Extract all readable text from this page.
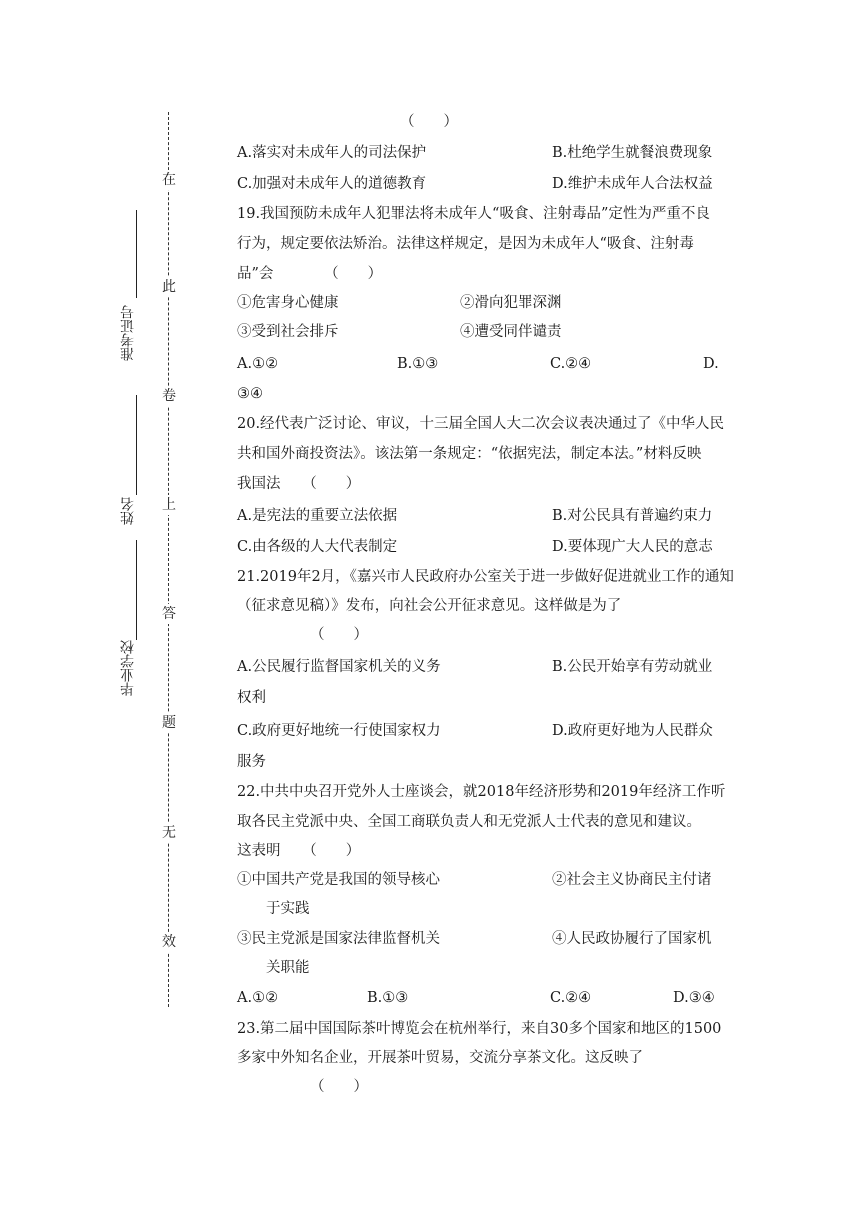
在
此
卷
上
答
题
无
效
准考证号
姓名
毕业学校
（　　）
A.落实对未成年人的司法保护	B.杜绝学生就餐浪费现象
C.加强对未成年人的道德教育	D.维护未成年人合法权益
19.我国预防未成年人犯罪法将未成年人“吸食、注射毒品”定性为严重不良
行为，规定要依法矫治。法律这样规定，是因为未成年人“吸食、注射毒
品”会　　　　（　　）
①危害身心健康	②滑向犯罪深渊
③受到社会排斥	④遭受同伴谴责
A.①②	B.①③	C.②④	D.
③④
20.经代表广泛讨论、审议，十三届全国人大二次会议表决通过了《中华人民
共和国外商投资法》。该法第一条规定：“依据宪法，制定本法。”材料反映
我国法　　（　　）
A.是宪法的重要立法依据	B.对公民具有普遍约束力
C.由各级的人大代表制定	D.要体现广大人民的意志
21.2019年2月，《嘉兴市人民政府办公室关于进一步做好促进就业工作的通知
（征求意见稿）》发布，向社会公开征求意见。这样做是为了
（　　）
A.公民履行监督国家机关的义务	B.公民开始享有劳动就业
权利
C.政府更好地统一行使国家权力	D.政府更好地为人民群众
服务
22.中共中央召开党外人士座谈会，就2018年经济形势和2019年经济工作听
取各民主党派中央、全国工商联负责人和无党派人士代表的意见和建议。
这表明　　（　　）
①中国共产党是我国的领导核心	②社会主义协商民主付诸
于实践
③民主党派是国家法律监督机关	④人民政协履行了国家机
关职能
A.①②	B.①③	C.②④	D.③④
23.第二届中国国际茶叶博览会在杭州举行，来自30多个国家和地区的1500
多家中外知名企业，开展茶叶贸易，交流分享茶文化。这反映了
（　　）
